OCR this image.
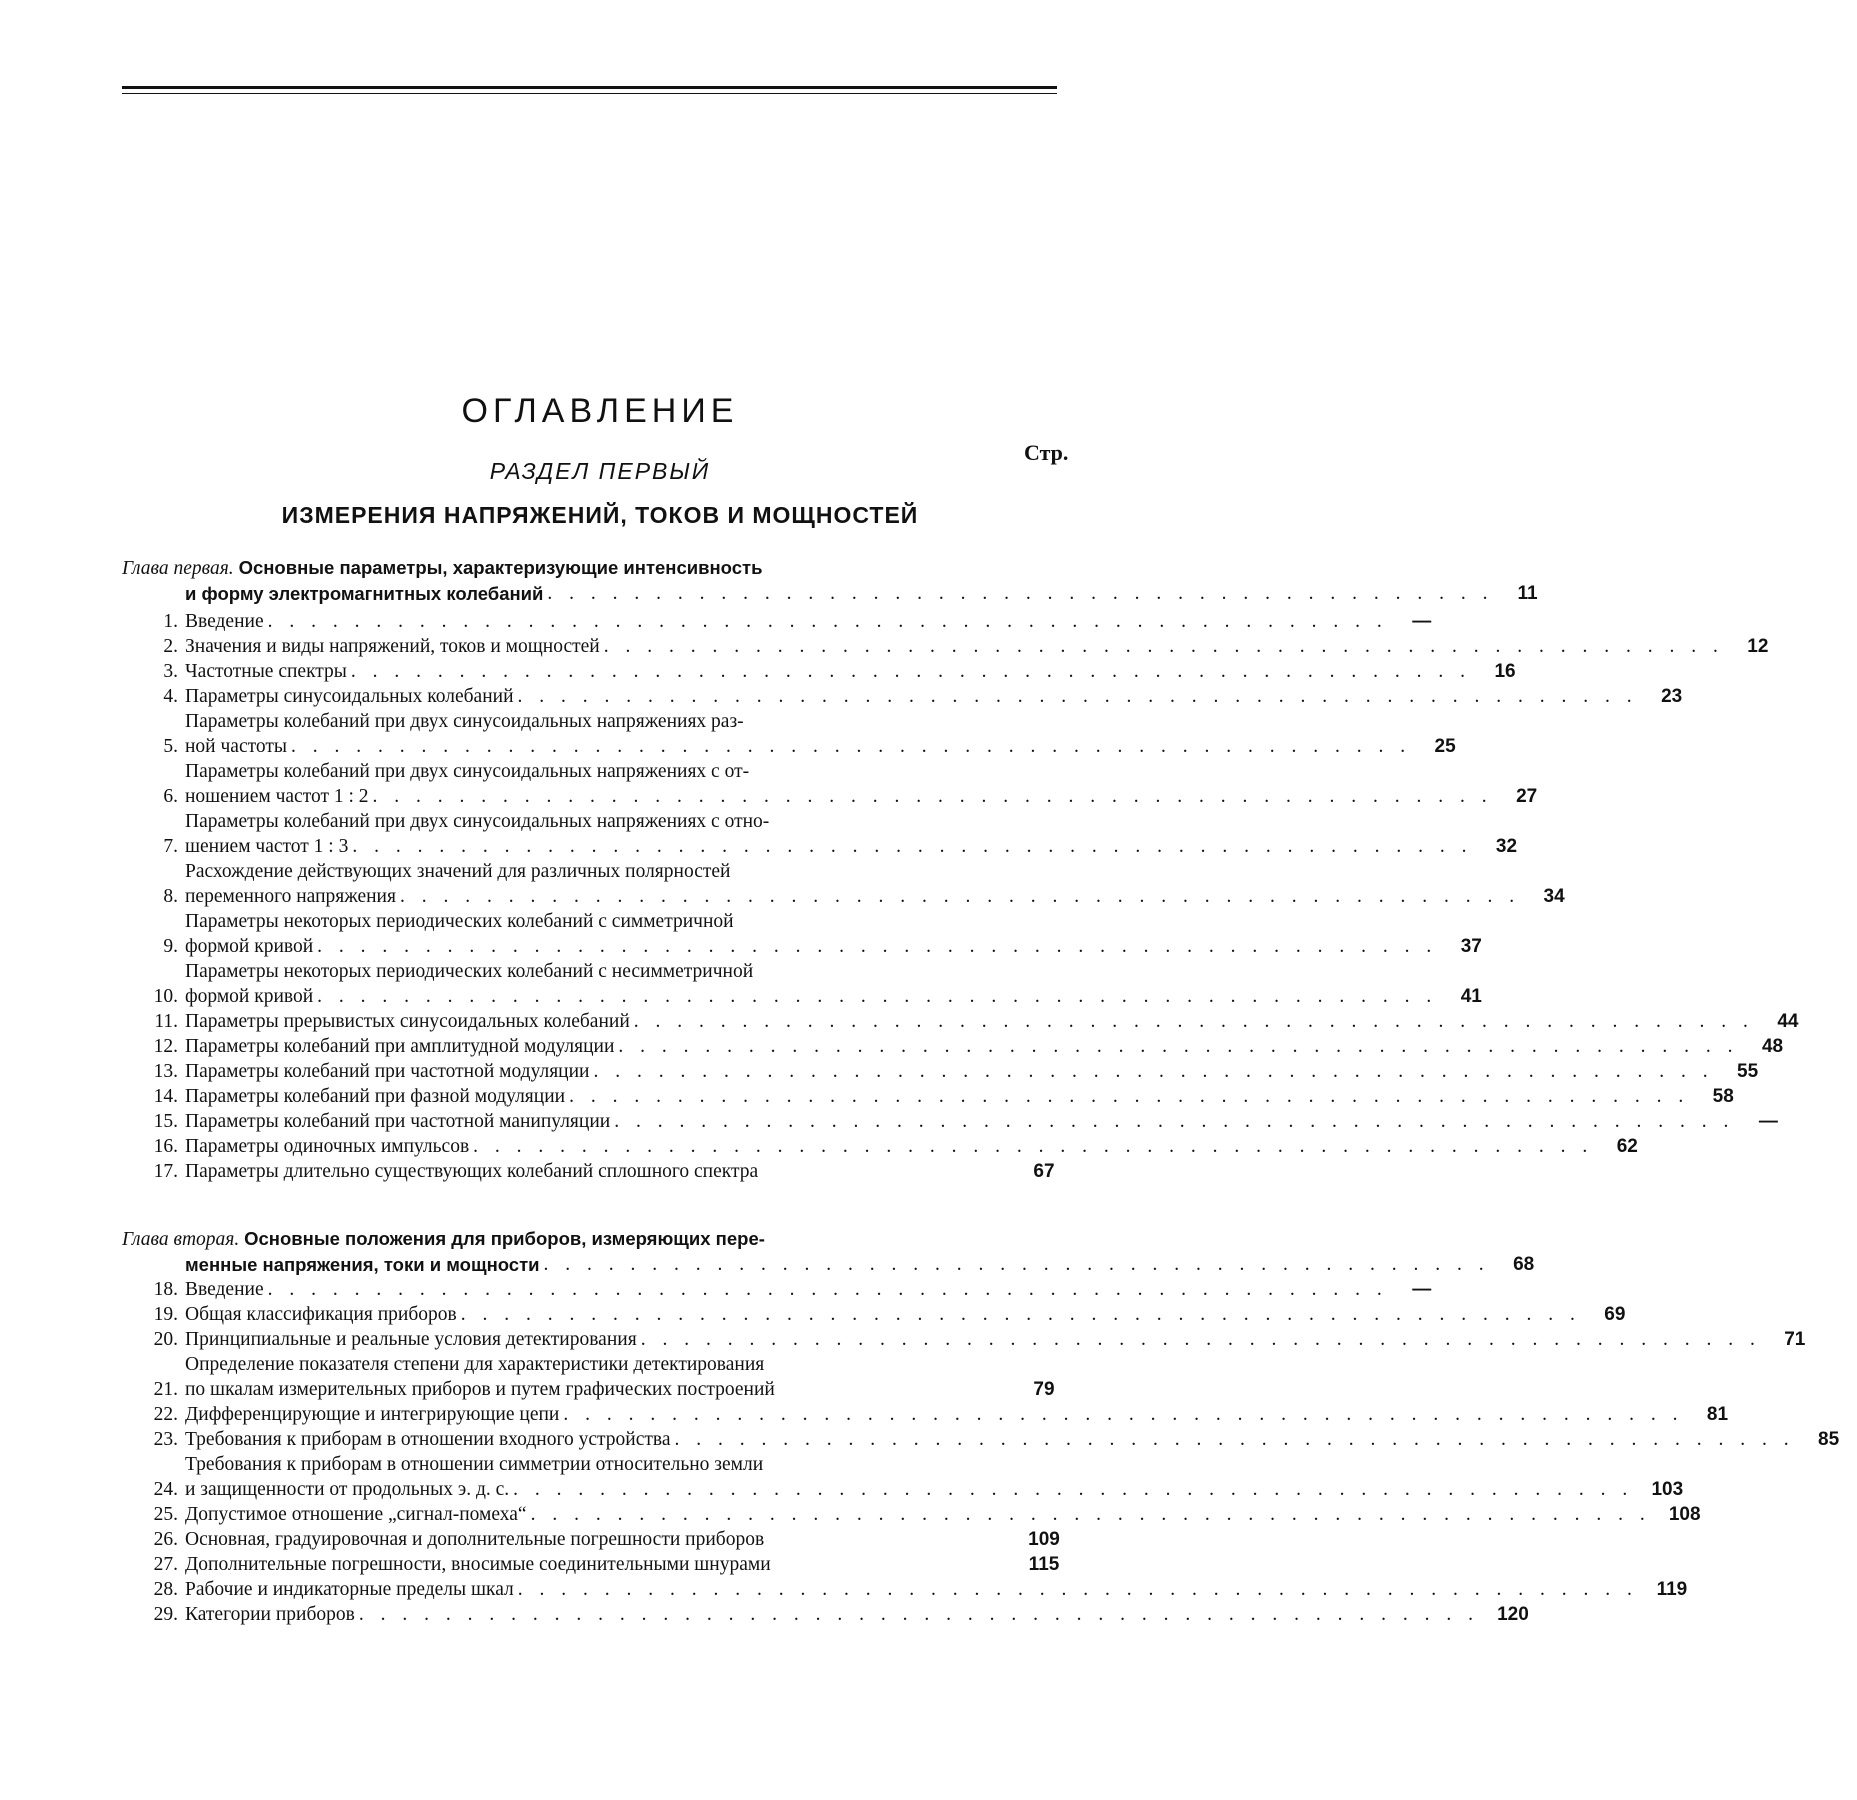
ОГЛАВЛЕНИЕ
Стр.
РАЗДЕЛ ПЕРВЫЙ
ИЗМЕРЕНИЯ НАПРЯЖЕНИЙ, ТОКОВ И МОЩНОСТЕЙ
Глава первая. Основные параметры, характеризующие интенсивность
и форму электромагнитных колебаний . . . . . . . . . . . . . . . . . . . . . . . . . . . . . . . . . . . . . . . . . . . .	11
1. Введение . . . . . . . . . . . . . . . . . . . . . . . . . . . . . . . . . . . . . . . . . . . . . . . . . . . .	—
2. Значения и виды напряжений, токов и мощностей . . . . . . . . . . . . . . . . . . . . . . . . . . . . . . . . . . . . . . . . . . . . . . . . . . . .	12
3. Частотные спектры . . . . . . . . . . . . . . . . . . . . . . . . . . . . . . . . . . . . . . . . . . . . . . . . . . . .	16
4. Параметры синусоидальных колебаний . . . . . . . . . . . . . . . . . . . . . . . . . . . . . . . . . . . . . . . . . . . . . . . . . . . .	23
5.
Параметры колебаний при двух синусоидальных напряжениях раз-
ной частоты . . . . . . . . . . . . . . . . . . . . . . . . . . . . . . . . . . . . . . . . . . . . . . . . . . . .	25
6.
Параметры колебаний при двух синусоидальных напряжениях с от-
ношением частот 1 : 2 . . . . . . . . . . . . . . . . . . . . . . . . . . . . . . . . . . . . . . . . . . . . . . . . . . . .	27
7.
Параметры колебаний при двух синусоидальных напряжениях с отно-
шением частот 1 : 3 . . . . . . . . . . . . . . . . . . . . . . . . . . . . . . . . . . . . . . . . . . . . . . . . . . . .	32
8.
Расхождение действующих значений для различных полярностей
переменного напряжения . . . . . . . . . . . . . . . . . . . . . . . . . . . . . . . . . . . . . . . . . . . . . . . . . . . .	34
9.
Параметры некоторых периодических колебаний с симметричной
формой кривой . . . . . . . . . . . . . . . . . . . . . . . . . . . . . . . . . . . . . . . . . . . . . . . . . . . .	37
10.
Параметры некоторых периодических колебаний с несимметричной
формой кривой . . . . . . . . . . . . . . . . . . . . . . . . . . . . . . . . . . . . . . . . . . . . . . . . . . . .	41
11. Параметры прерывистых синусоидальных колебаний . . . . . . . . . . . . . . . . . . . . . . . . . . . . . . . . . . . . . . . . . . . . . . . . . . . .	44
12. Параметры колебаний при амплитудной модуляции . . . . . . . . . . . . . . . . . . . . . . . . . . . . . . . . . . . . . . . . . . . . . . . . . . . .	48
13. Параметры колебаний при частотной модуляции . . . . . . . . . . . . . . . . . . . . . . . . . . . . . . . . . . . . . . . . . . . . . . . . . . . .	55
14. Параметры колебаний при фазной модуляции . . . . . . . . . . . . . . . . . . . . . . . . . . . . . . . . . . . . . . . . . . . . . . . . . . . .	58
15. Параметры колебаний при частотной манипуляции . . . . . . . . . . . . . . . . . . . . . . . . . . . . . . . . . . . . . . . . . . . . . . . . . . . .	—
16. Параметры одиночных импульсов . . . . . . . . . . . . . . . . . . . . . . . . . . . . . . . . . . . . . . . . . . . . . . . . . . . .	62
17. Параметры длительно существующих колебаний сплошного спектра	67
Глава вторая. Основные положения для приборов, измеряющих пере-
менные напряжения, токи и мощности . . . . . . . . . . . . . . . . . . . . . . . . . . . . . . . . . . . . . . . . . . . .	68
18. Введение . . . . . . . . . . . . . . . . . . . . . . . . . . . . . . . . . . . . . . . . . . . . . . . . . . . .	—
19. Общая классификация приборов . . . . . . . . . . . . . . . . . . . . . . . . . . . . . . . . . . . . . . . . . . . . . . . . . . . .	69
20. Принципиальные и реальные условия детектирования . . . . . . . . . . . . . . . . . . . . . . . . . . . . . . . . . . . . . . . . . . . . . . . . . . . .	71
21.
Определение показателя степени для характеристики детектирования
по шкалам измерительных приборов и путем графических построений	79
22. Дифференцирующие и интегрирующие цепи . . . . . . . . . . . . . . . . . . . . . . . . . . . . . . . . . . . . . . . . . . . . . . . . . . . .	81
23. Требования к приборам в отношении входного устройства . . . . . . . . . . . . . . . . . . . . . . . . . . . . . . . . . . . . . . . . . . . . . . . . . . . .	85
24.
Требования к приборам в отношении симметрии относительно земли
и защищенности от продольных э. д. с. . . . . . . . . . . . . . . . . . . . . . . . . . . . . . . . . . . . . . . . . . . . . . . . . . . . . 103
25. Допустимое отношение „сигнал-помеха“ . . . . . . . . . . . . . . . . . . . . . . . . . . . . . . . . . . . . . . . . . . . . . . . . . . . . 108
26. Основная, градуировочная и дополнительные погрешности приборов	109
27. Дополнительные погрешности, вносимые соединительными шнурами	115
28. Рабочие и индикаторные пределы шкал . . . . . . . . . . . . . . . . . . . . . . . . . . . . . . . . . . . . . . . . . . . . . . . . . . . . 119
29. Категории приборов . . . . . . . . . . . . . . . . . . . . . . . . . . . . . . . . . . . . . . . . . . . . . . . . . . . . 120
